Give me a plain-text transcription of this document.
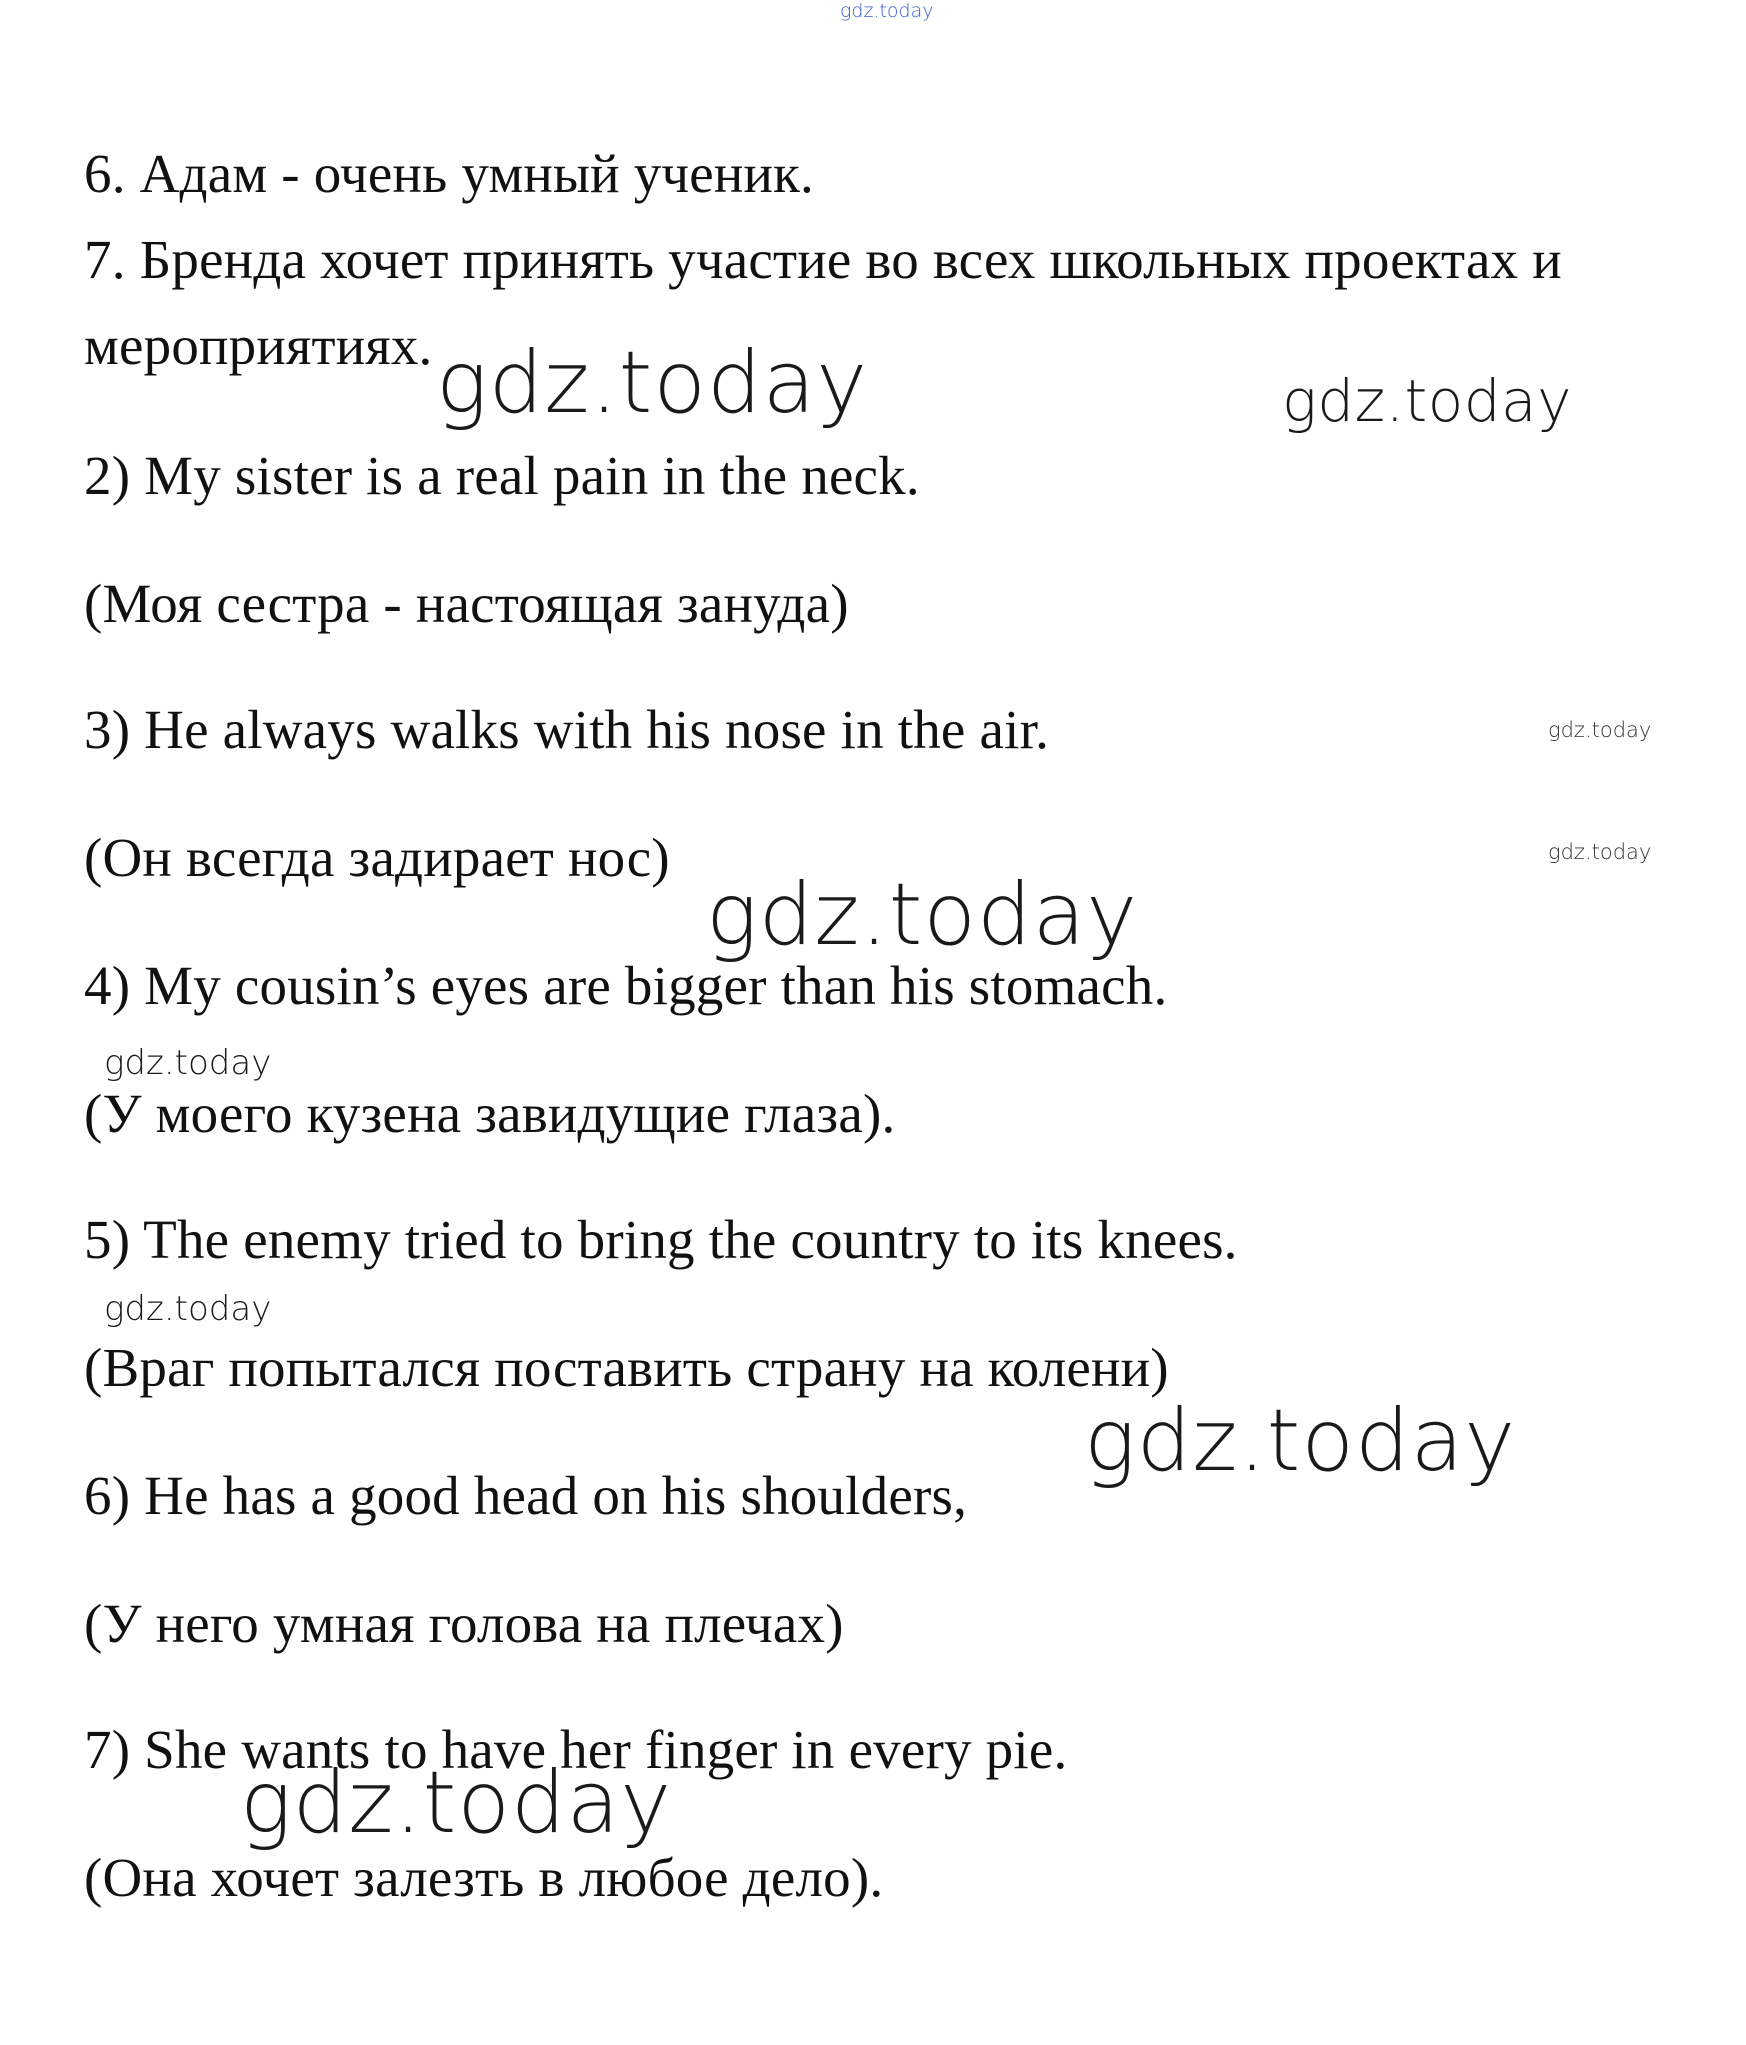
gdz.today
6. Адам - очень умный ученик.
7. Бренда хочет принять участие во всех школьных проектах и
мероприятиях.
2) My sister is a real pain in the neck.
(Моя сестра - настоящая зануда)
3) He always walks with his nose in the air.
(Он всегда задирает нос)
4) My cousin’s eyes are bigger than his stomach.
(У моего кузена завидущие глаза).
5) The enemy tried to bring the country to its knees.
(Враг попытался поставить страну на колени)
6) He has a good head on his shoulders,
(У него умная голова на плечах)
7) She wants to have her finger in every pie.
(Она хочет залезть в любое дело).
gdz.today	gdz.today
gdz.today
gdz.today
gdz.today
gdz.today
gdz.today
gdz.today
gdz.today
